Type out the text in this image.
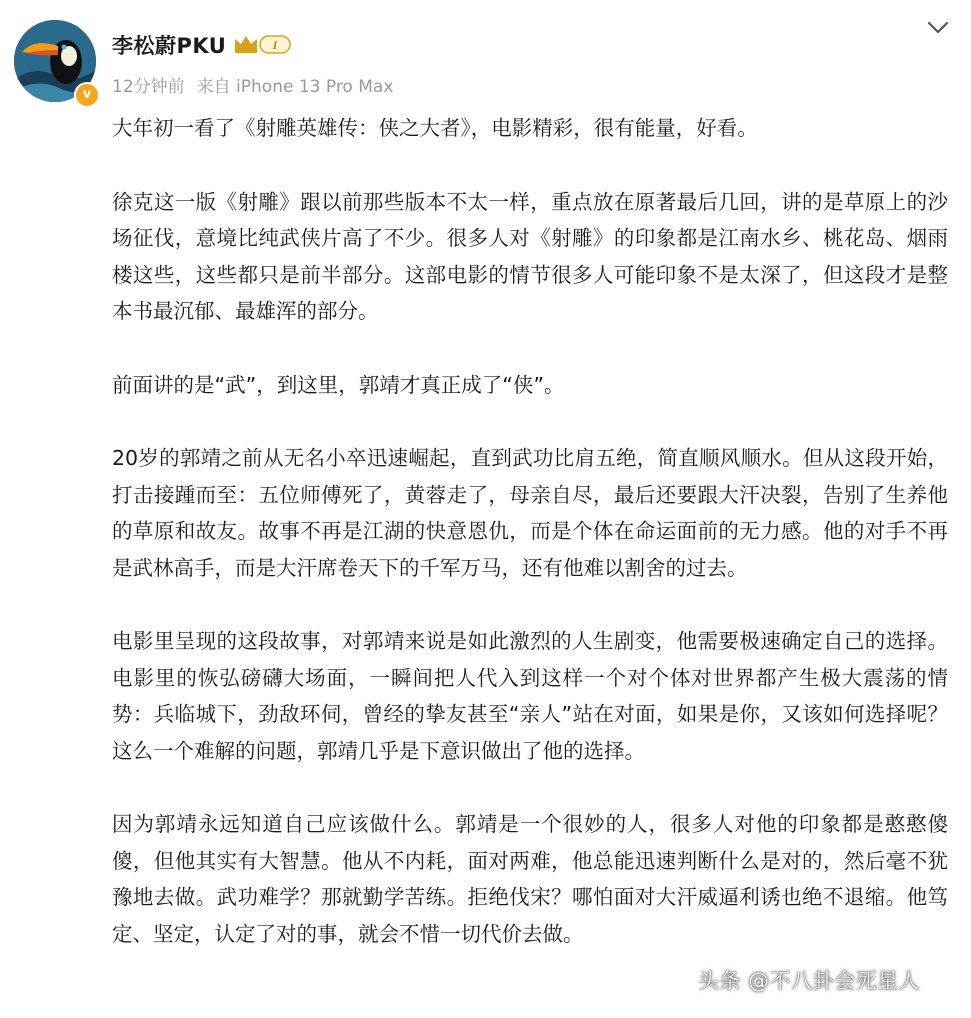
v
李松蔚PKU	I
12分钟前 来自 iPhone 13 Pro Max

大年初一看了《射雕英雄传：侠之大者》，电影精彩，很有能量，好看。

徐克这一版《射雕》跟以前那些版本不太一样，重点放在原著最后几回，讲的是草原上的沙场征伐，意境比纯武侠片高了不少。很多人对《射雕》的印象都是江南水乡、桃花岛、烟雨楼这些，这些都只是前半部分。这部电影的情节很多人可能印象不是太深了，但这段才是整本书最沉郁、最雄浑的部分。

前面讲的是“武”，到这里，郭靖才真正成了“侠”。

20岁的郭靖之前从无名小卒迅速崛起，直到武功比肩五绝，简直顺风顺水。但从这段开始，打击接踵而至：五位师傅死了，黄蓉走了，母亲自尽，最后还要跟大汗决裂，告别了生养他的草原和故友。故事不再是江湖的快意恩仇，而是个体在命运面前的无力感。他的对手不再是武林高手，而是大汗席卷天下的千军万马，还有他难以割舍的过去。

电影里呈现的这段故事，对郭靖来说是如此激烈的人生剧变，他需要极速确定自己的选择。电影里的恢弘磅礴大场面，一瞬间把人代入到这样一个对个体对世界都产生极大震荡的情势：兵临城下，劲敌环伺，曾经的挚友甚至“亲人”站在对面，如果是你，又该如何选择呢？这么一个难解的问题，郭靖几乎是下意识做出了他的选择。

因为郭靖永远知道自己应该做什么。郭靖是一个很妙的人，很多人对他的印象都是憨憨傻傻，但他其实有大智慧。他从不内耗，面对两难，他总能迅速判断什么是对的，然后毫不犹豫地去做。武功难学？那就勤学苦练。拒绝伐宋？哪怕面对大汗威逼利诱也绝不退缩。他笃定、坚定，认定了对的事，就会不惜一切代价去做。

头条 @不八卦会死星人
